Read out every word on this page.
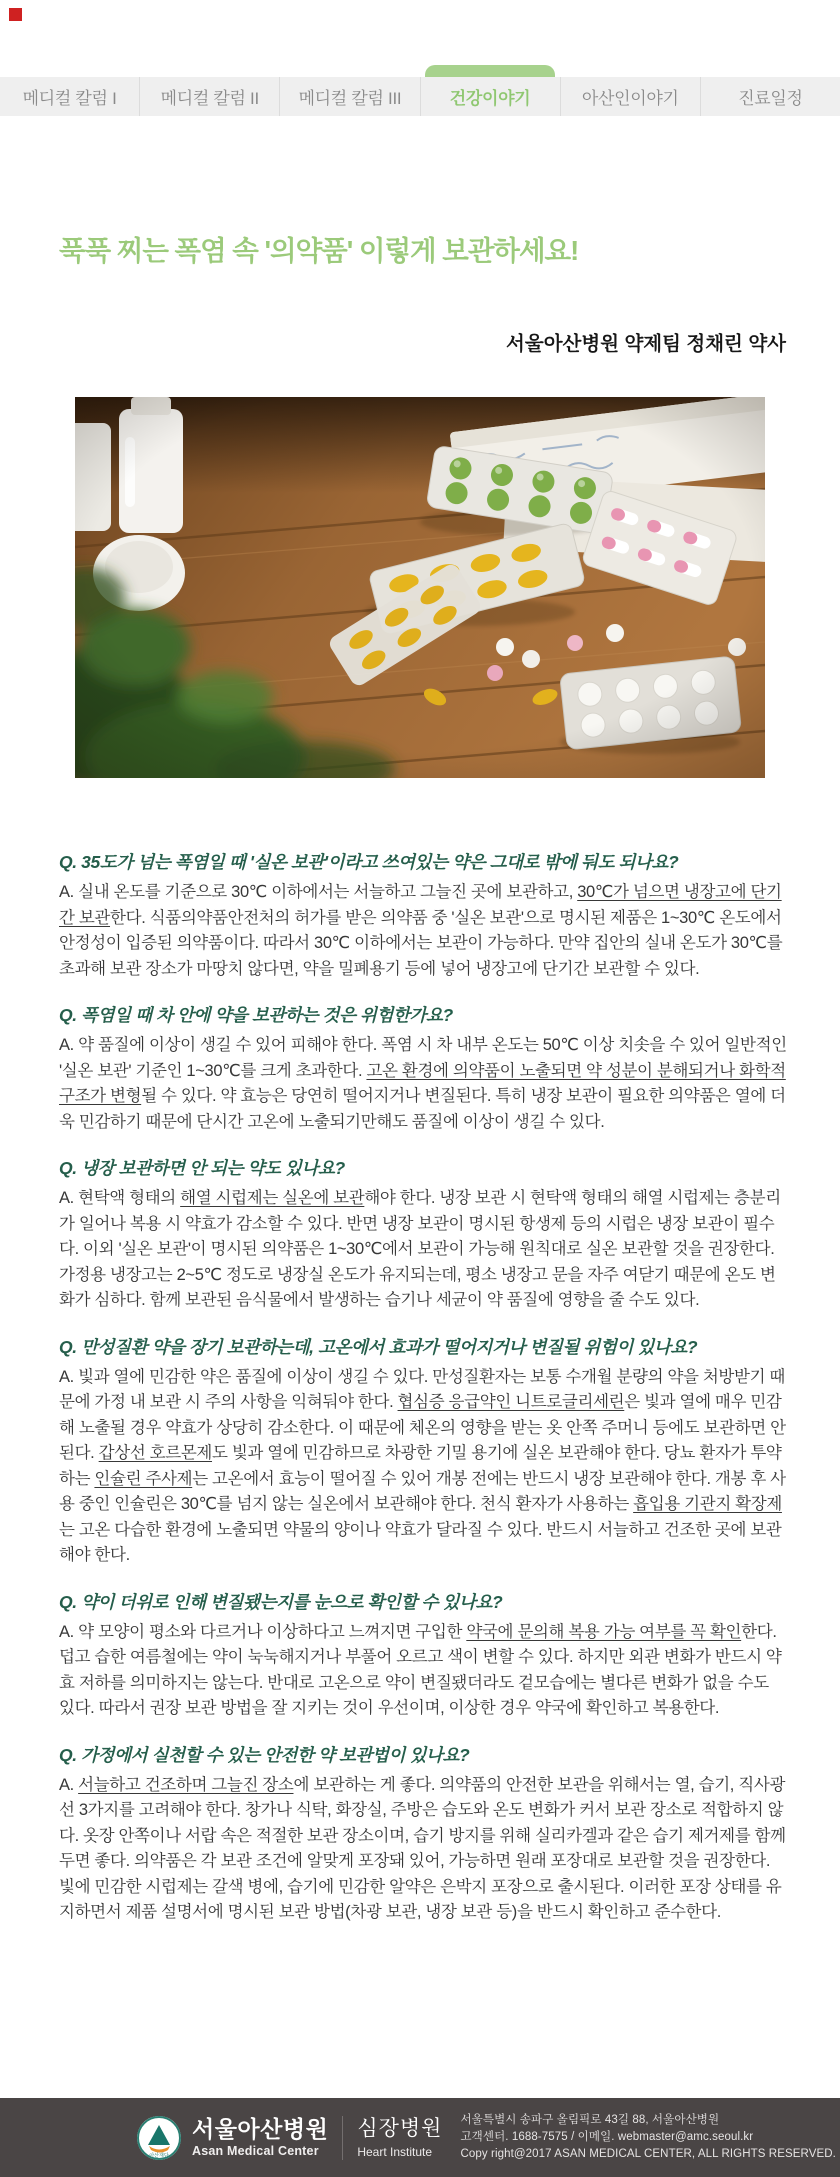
메디컬 칼럼 I	메디컬 칼럼 II	메디컬 칼럼 III	건강이야기	아산인이야기	진료일정
푹푹 찌는 폭염 속 '의약품' 이렇게 보관하세요!
서울아산병원 약제팀 정채린 약사
Q. 35도가 넘는 폭염일 때 '실온 보관'이라고 쓰여있는 약은 그대로 밖에 둬도 되나요?
A. 실내 온도를 기준으로 30℃ 이하에서는 서늘하고 그늘진 곳에 보관하고, 30℃가 넘으면 냉장고에 단기간 보관한다. 식품의약품안전처의 허가를 받은 의약품 중 '실온 보관'으로 명시된 제품은 1~30℃ 온도에서 안정성이 입증된 의약품이다. 따라서 30℃ 이하에서는 보관이 가능하다. 만약 집안의 실내 온도가 30℃를 초과해 보관 장소가 마땅치 않다면, 약을 밀폐용기 등에 넣어 냉장고에 단기간 보관할 수 있다.
Q. 폭염일 때 차 안에 약을 보관하는 것은 위험한가요?
A. 약 품질에 이상이 생길 수 있어 피해야 한다. 폭염 시 차 내부 온도는 50℃ 이상 치솟을 수 있어 일반적인 '실온 보관' 기준인 1~30℃를 크게 초과한다. 고온 환경에 의약품이 노출되면 약 성분이 분해되거나 화학적 구조가 변형될 수 있다. 약 효능은 당연히 떨어지거나 변질된다. 특히 냉장 보관이 필요한 의약품은 열에 더욱 민감하기 때문에 단시간 고온에 노출되기만해도 품질에 이상이 생길 수 있다.
Q. 냉장 보관하면 안 되는 약도 있나요?
A. 현탁액 형태의 해열 시럽제는 실온에 보관해야 한다. 냉장 보관 시 현탁액 형태의 해열 시럽제는 층분리가 일어나 복용 시 약효가 감소할 수 있다. 반면 냉장 보관이 명시된 항생제 등의 시럽은 냉장 보관이 필수다. 이외 '실온 보관'이 명시된 의약품은 1~30℃에서 보관이 가능해 원칙대로 실온 보관할 것을 권장한다. 가정용 냉장고는 2~5℃ 정도로 냉장실 온도가 유지되는데, 평소 냉장고 문을 자주 여닫기 때문에 온도 변화가 심하다. 함께 보관된 음식물에서 발생하는 습기나 세균이 약 품질에 영향을 줄 수도 있다.
Q. 만성질환 약을 장기 보관하는데, 고온에서 효과가 떨어지거나 변질될 위험이 있나요?
A. 빛과 열에 민감한 약은 품질에 이상이 생길 수 있다. 만성질환자는 보통 수개월 분량의 약을 처방받기 때문에 가정 내 보관 시 주의 사항을 익혀둬야 한다. 협심증 응급약인 니트로글리세린은 빛과 열에 매우 민감해 노출될 경우 약효가 상당히 감소한다. 이 때문에 체온의 영향을 받는 옷 안쪽 주머니 등에도 보관하면 안 된다. 갑상선 호르몬제도 빛과 열에 민감하므로 차광한 기밀 용기에 실온 보관해야 한다. 당뇨 환자가 투약하는 인슐린 주사제는 고온에서 효능이 떨어질 수 있어 개봉 전에는 반드시 냉장 보관해야 한다. 개봉 후 사용 중인 인슐린은 30℃를 넘지 않는 실온에서 보관해야 한다. 천식 환자가 사용하는 흡입용 기관지 확장제는 고온 다습한 환경에 노출되면 약물의 양이나 약효가 달라질 수 있다. 반드시 서늘하고 건조한 곳에 보관해야 한다.
Q. 약이 더위로 인해 변질됐는지를 눈으로 확인할 수 있나요?
A. 약 모양이 평소와 다르거나 이상하다고 느껴지면 구입한 약국에 문의해 복용 가능 여부를 꼭 확인한다. 덥고 습한 여름철에는 약이 눅눅해지거나 부풀어 오르고 색이 변할 수 있다. 하지만 외관 변화가 반드시 약효 저하를 의미하지는 않는다. 반대로 고온으로 약이 변질됐더라도 겉모습에는 별다른 변화가 없을 수도 있다. 따라서 권장 보관 방법을 잘 지키는 것이 우선이며, 이상한 경우 약국에 확인하고 복용한다.
Q. 가정에서 실천할 수 있는 안전한 약 보관법이 있나요?
A. 서늘하고 건조하며 그늘진 장소에 보관하는 게 좋다. 의약품의 안전한 보관을 위해서는 열, 습기, 직사광선 3가지를 고려해야 한다. 창가나 식탁, 화장실, 주방은 습도와 온도 변화가 커서 보관 장소로 적합하지 않다. 옷장 안쪽이나 서랍 속은 적절한 보관 장소이며, 습기 방지를 위해 실리카겔과 같은 습기 제거제를 함께 두면 좋다. 의약품은 각 보관 조건에 알맞게 포장돼 있어, 가능하면 원래 포장대로 보관할 것을 권장한다. 빛에 민감한 시럽제는 갈색 병에, 습기에 민감한 알약은 은박지 포장으로 출시된다. 이러한 포장 상태를 유지하면서 제품 설명서에 명시된 보관 방법(차광 보관, 냉장 보관 등)을 반드시 확인하고 준수한다.
아산재단
서울아산병원
Asan Medical Center
심장병원
Heart Institute
서울특별시 송파구 올림픽로 43길 88, 서울아산병원
고객센터. 1688-7575 / 이메일. webmaster@amc.seoul.kr
Copy right@2017 ASAN MEDICAL CENTER, ALL RIGHTS RESERVED.
